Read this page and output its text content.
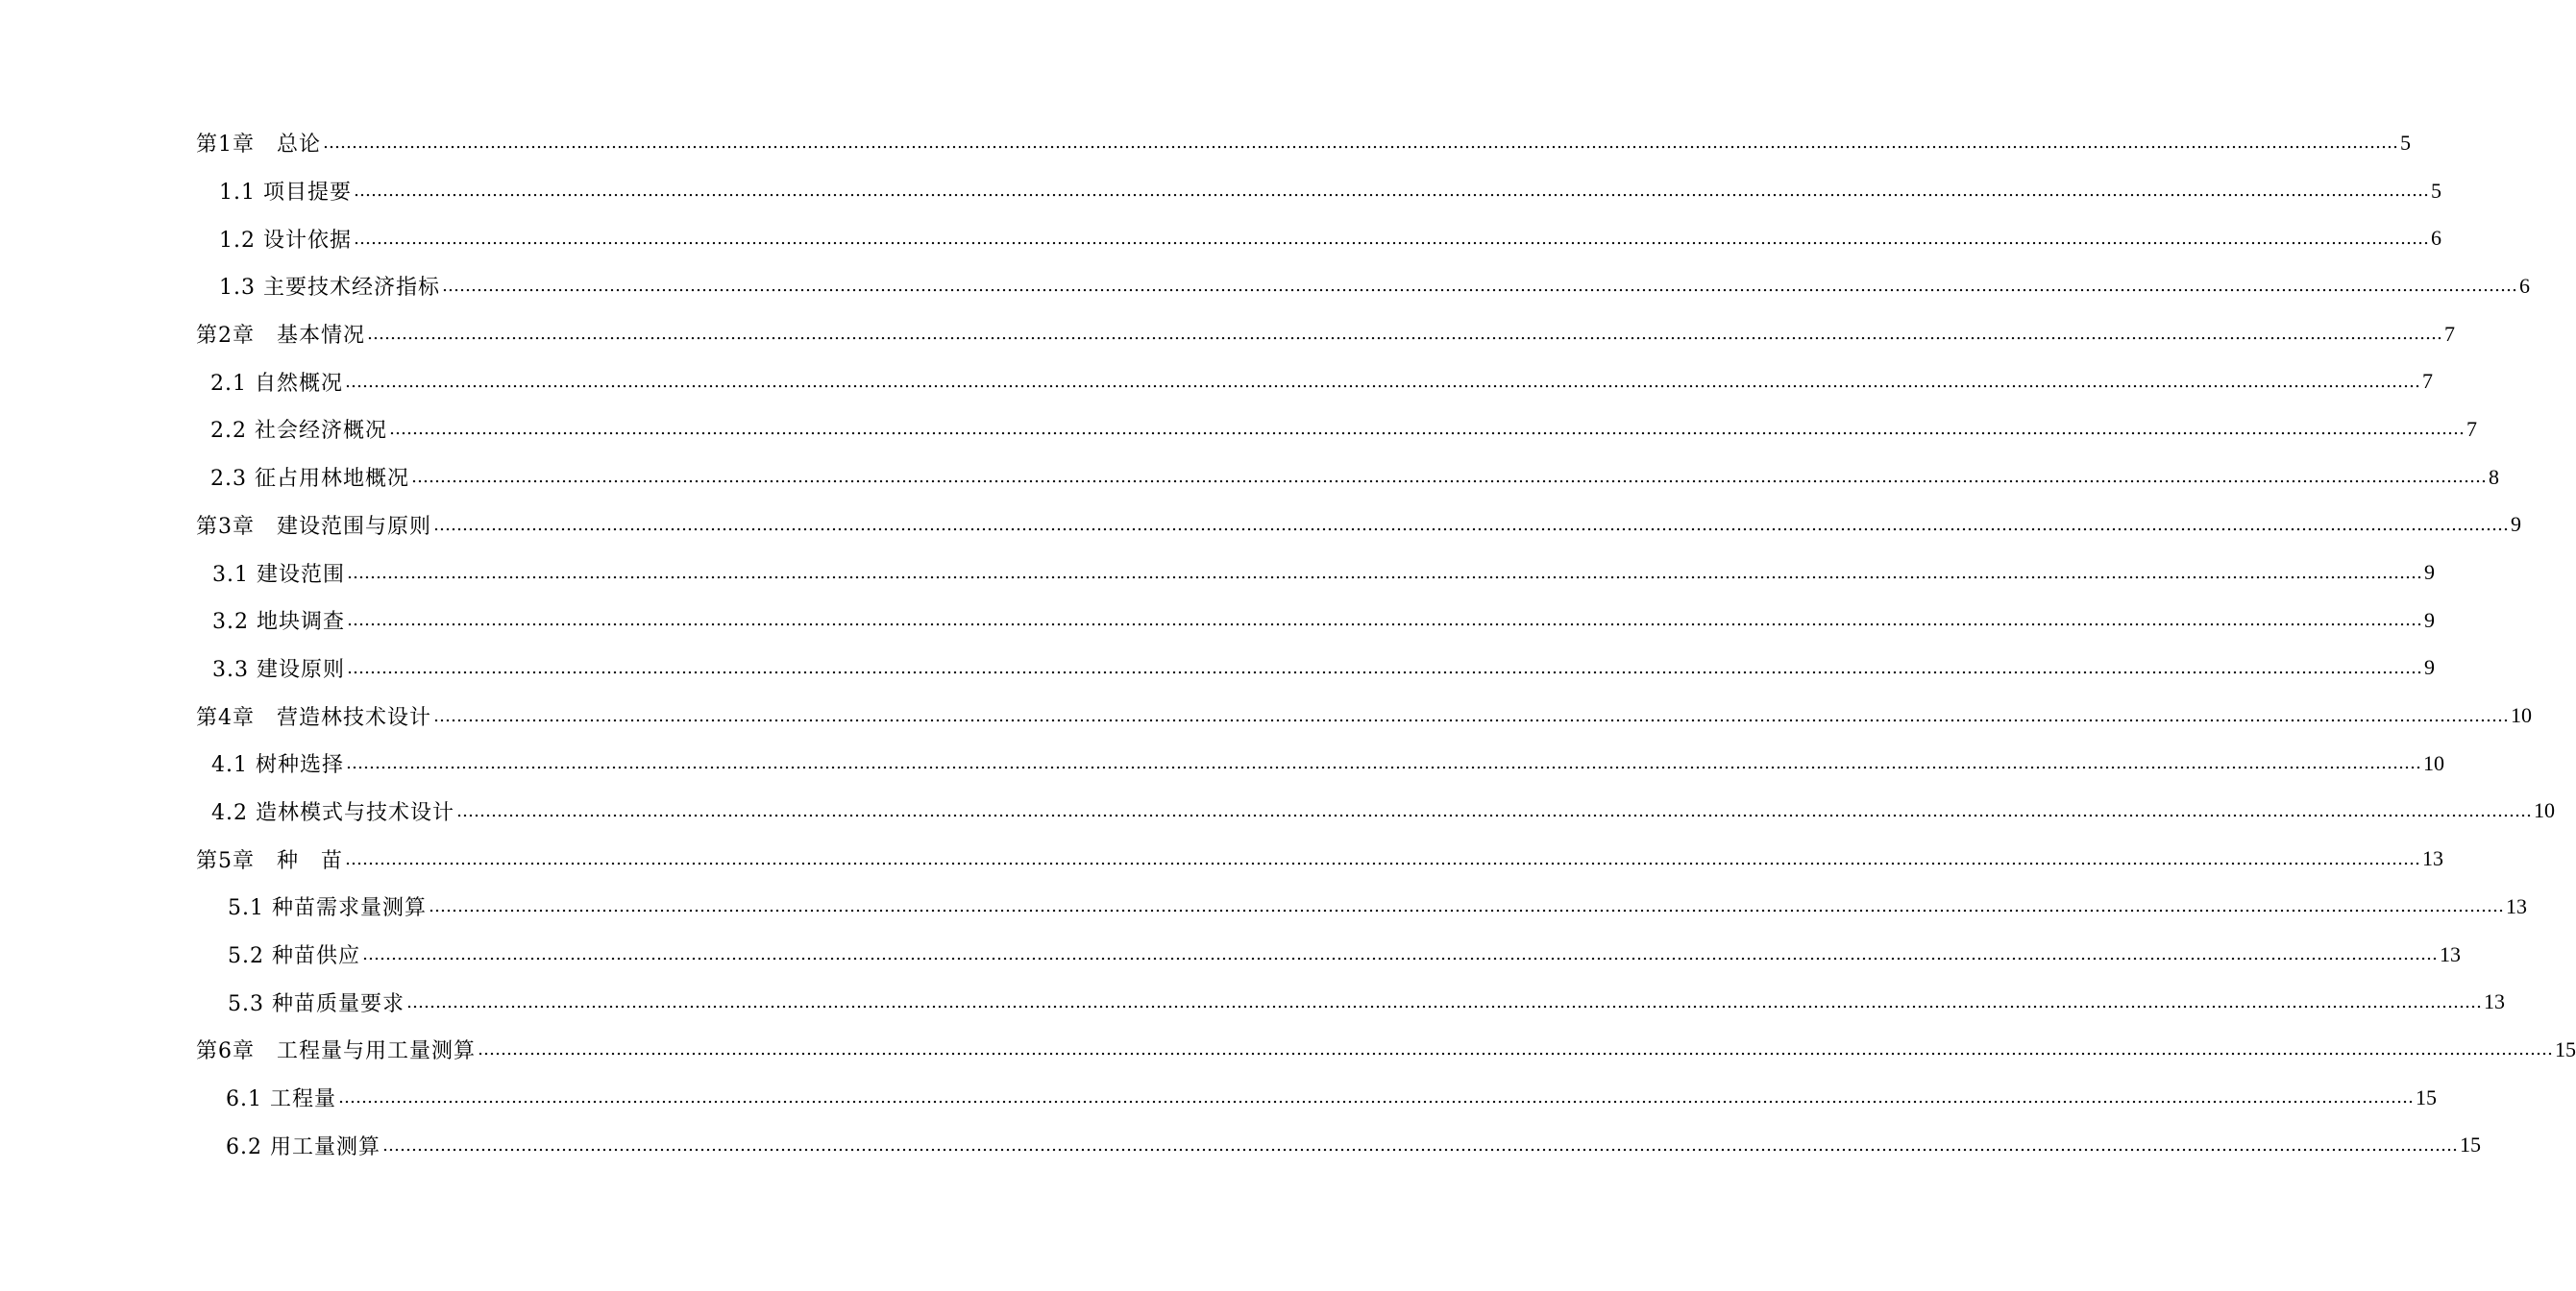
第1章　总论 ……………………………………………………………………………………………………………………………………………………………………………………………………………………………………………………………………………………………………………………………… 5
1.1 项目提要 ……………………………………………………………………………………………………………………………………………………………………………………………………………………………………………………………………………………………………………………………… 5
1.2 设计依据 ……………………………………………………………………………………………………………………………………………………………………………………………………………………………………………………………………………………………………………………………… 6
1.3 主要技术经济指标 ……………………………………………………………………………………………………………………………………………………………………………………………………………………………………………………………………………………………………………………………… 6
第2章　基本情况 ……………………………………………………………………………………………………………………………………………………………………………………………………………………………………………………………………………………………………………………………… 7
2.1 自然概况 ……………………………………………………………………………………………………………………………………………………………………………………………………………………………………………………………………………………………………………………………… 7
2.2 社会经济概况 ……………………………………………………………………………………………………………………………………………………………………………………………………………………………………………………………………………………………………………………………… 7
2.3 征占用林地概况 ……………………………………………………………………………………………………………………………………………………………………………………………………………………………………………………………………………………………………………………………… 8
第3章　建设范围与原则 ……………………………………………………………………………………………………………………………………………………………………………………………………………………………………………………………………………………………………………………………… 9
3.1 建设范围 ……………………………………………………………………………………………………………………………………………………………………………………………………………………………………………………………………………………………………………………………… 9
3.2 地块调查 ……………………………………………………………………………………………………………………………………………………………………………………………………………………………………………………………………………………………………………………………… 9
3.3 建设原则 ……………………………………………………………………………………………………………………………………………………………………………………………………………………………………………………………………………………………………………………………… 9
第4章　营造林技术设计 ……………………………………………………………………………………………………………………………………………………………………………………………………………………………………………………………………………………………………………………………… 10
4.1 树种选择 ……………………………………………………………………………………………………………………………………………………………………………………………………………………………………………………………………………………………………………………………… 10
4.2 造林模式与技术设计 ……………………………………………………………………………………………………………………………………………………………………………………………………………………………………………………………………………………………………………………………… 10
第5章　种　苗 ……………………………………………………………………………………………………………………………………………………………………………………………………………………………………………………………………………………………………………………………… 13
5.1 种苗需求量测算 ……………………………………………………………………………………………………………………………………………………………………………………………………………………………………………………………………………………………………………………………… 13
5.2 种苗供应 ……………………………………………………………………………………………………………………………………………………………………………………………………………………………………………………………………………………………………………………………… 13
5.3 种苗质量要求 ……………………………………………………………………………………………………………………………………………………………………………………………………………………………………………………………………………………………………………………………… 13
第6章　工程量与用工量测算 ……………………………………………………………………………………………………………………………………………………………………………………………………………………………………………………………………………………………………………………………… 15
6.1 工程量 ……………………………………………………………………………………………………………………………………………………………………………………………………………………………………………………………………………………………………………………………… 15
6.2 用工量测算 ……………………………………………………………………………………………………………………………………………………………………………………………………………………………………………………………………………………………………………………………… 15
